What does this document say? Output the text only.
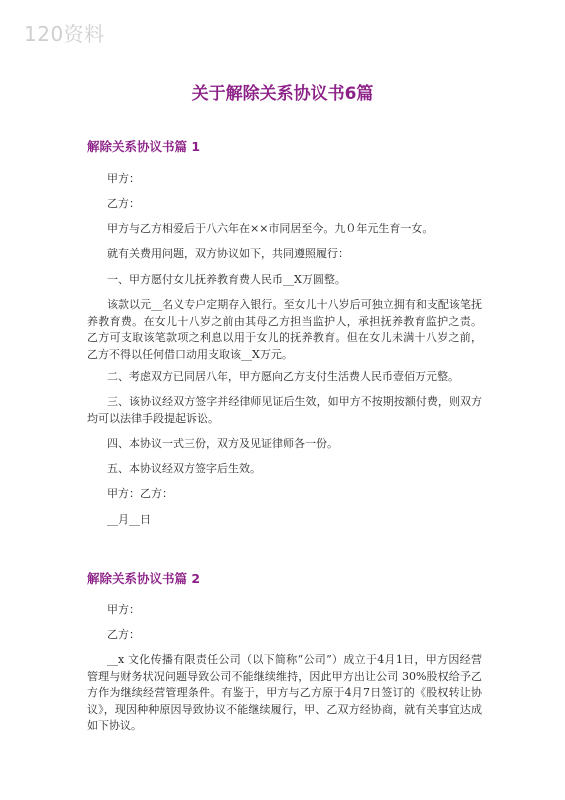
120资料
关于解除关系协议书6篇
解除关系协议书篇 1

甲方：

乙方：

甲方与乙方相爱后于八六年在××市同居至今。九０年元生育一女。

就有关费用问题，双方协议如下，共同遵照履行：

一、甲方愿付女儿抚养教育费人民币__X万圆整。

该款以元__名义专户定期存入银行。至女儿十八岁后可独立拥有和支配该笔抚养教育费。在女儿十八岁之前由其母乙方担当监护人，承担抚养教育监护之责。乙方可支取该笔款项之利息以用于女儿的抚养教育。但在女儿未满十八岁之前，乙方不得以任何借口动用支取该__X万元。

二、考虑双方已同居八年，甲方愿向乙方支付生活费人民币壹佰万元整。

三、该协议经双方签字并经律师见证后生效，如甲方不按期按额付费，则双方均可以法律手段提起诉讼。

四、本协议一式三份，双方及见证律师各一份。

五、本协议经双方签字后生效。

甲方：乙方：

__月__日

解除关系协议书篇 2

甲方：

乙方：

__x 文化传播有限责任公司（以下简称“公司”）成立于4月1日，甲方因经营管理与财务状况问题导致公司不能继续维持，因此甲方出让公司 30%股权给予乙方作为继续经营管理条件。有鉴于，甲方与乙方原于4月7日签订的《股权转让协议》，现因种种原因导致协议不能继续履行，甲、乙双方经协商，就有关事宜达成如下协议。
